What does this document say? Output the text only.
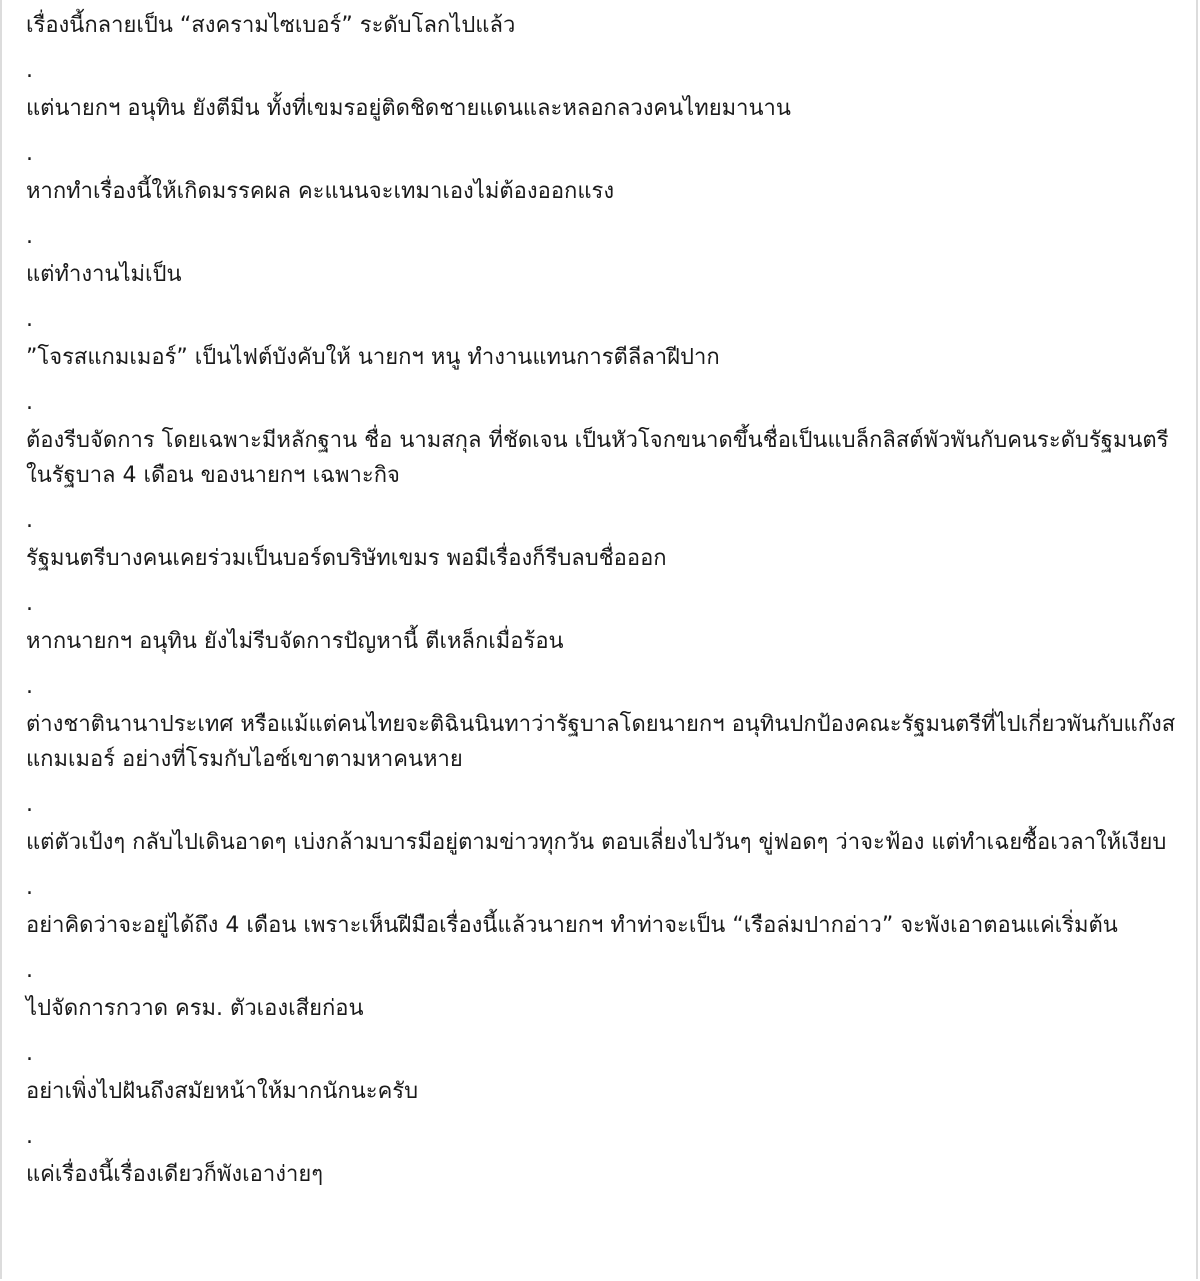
เรื่องนี้กลายเป็น “สงครามไซเบอร์” ระดับโลกไปแล้ว

.

แต่นายกฯ อนุทิน ยังตีมีน ทั้งที่เขมรอยู่ติดชิดชายแดนและหลอกลวงคนไทยมานาน

.

หากทำเรื่องนี้ให้เกิดมรรคผล คะแนนจะเทมาเองไม่ต้องออกแรง

.

แต่ทำงานไม่เป็น

.

”โจรสแกมเมอร์” เป็นไฟต์บังคับให้ นายกฯ หนู ทำงานแทนการตีลีลาฝีปาก

.

ต้องรีบจัดการ โดยเฉพาะมีหลักฐาน ชื่อ นามสกุล ที่ชัดเจน เป็นหัวโจกขนาดขึ้นชื่อเป็นแบล็กลิสต์พัวพันกับคนระดับรัฐมนตรีในรัฐบาล 4 เดือน ของนายกฯ เฉพาะกิจ

.

รัฐมนตรีบางคนเคยร่วมเป็นบอร์ดบริษัทเขมร พอมีเรื่องก็รีบลบชื่อออก

.

หากนายกฯ อนุทิน ยังไม่รีบจัดการปัญหานี้ ตีเหล็กเมื่อร้อน

.

ต่างชาตินานาประเทศ หรือแม้แต่คนไทยจะติฉินนินทาว่ารัฐบาลโดยนายกฯ อนุทินปกป้องคณะรัฐมนตรีที่ไปเกี่ยวพันกับแก๊งสแกมเมอร์ อย่างที่โรมกับไอซ์เขาตามหาคนหาย

.

แต่ตัวเป้งๆ กลับไปเดินอาดๆ เบ่งกล้ามบารมีอยู่ตามข่าวทุกวัน ตอบเลี่ยงไปวันๆ ขู่ฟอดๆ ว่าจะฟ้อง แต่ทำเฉยซื้อเวลาให้เงียบ

.

อย่าคิดว่าจะอยู่ได้ถึง 4 เดือน เพราะเห็นฝีมือเรื่องนี้แล้วนายกฯ ทำท่าจะเป็น “เรือล่มปากอ่าว” จะพังเอาตอนแค่เริ่มต้น

.

ไปจัดการกวาด ครม. ตัวเองเสียก่อน

.

อย่าเพิ่งไปฝันถึงสมัยหน้าให้มากนักนะครับ

.

แค่เรื่องนี้เรื่องเดียวก็พังเอาง่ายๆ
